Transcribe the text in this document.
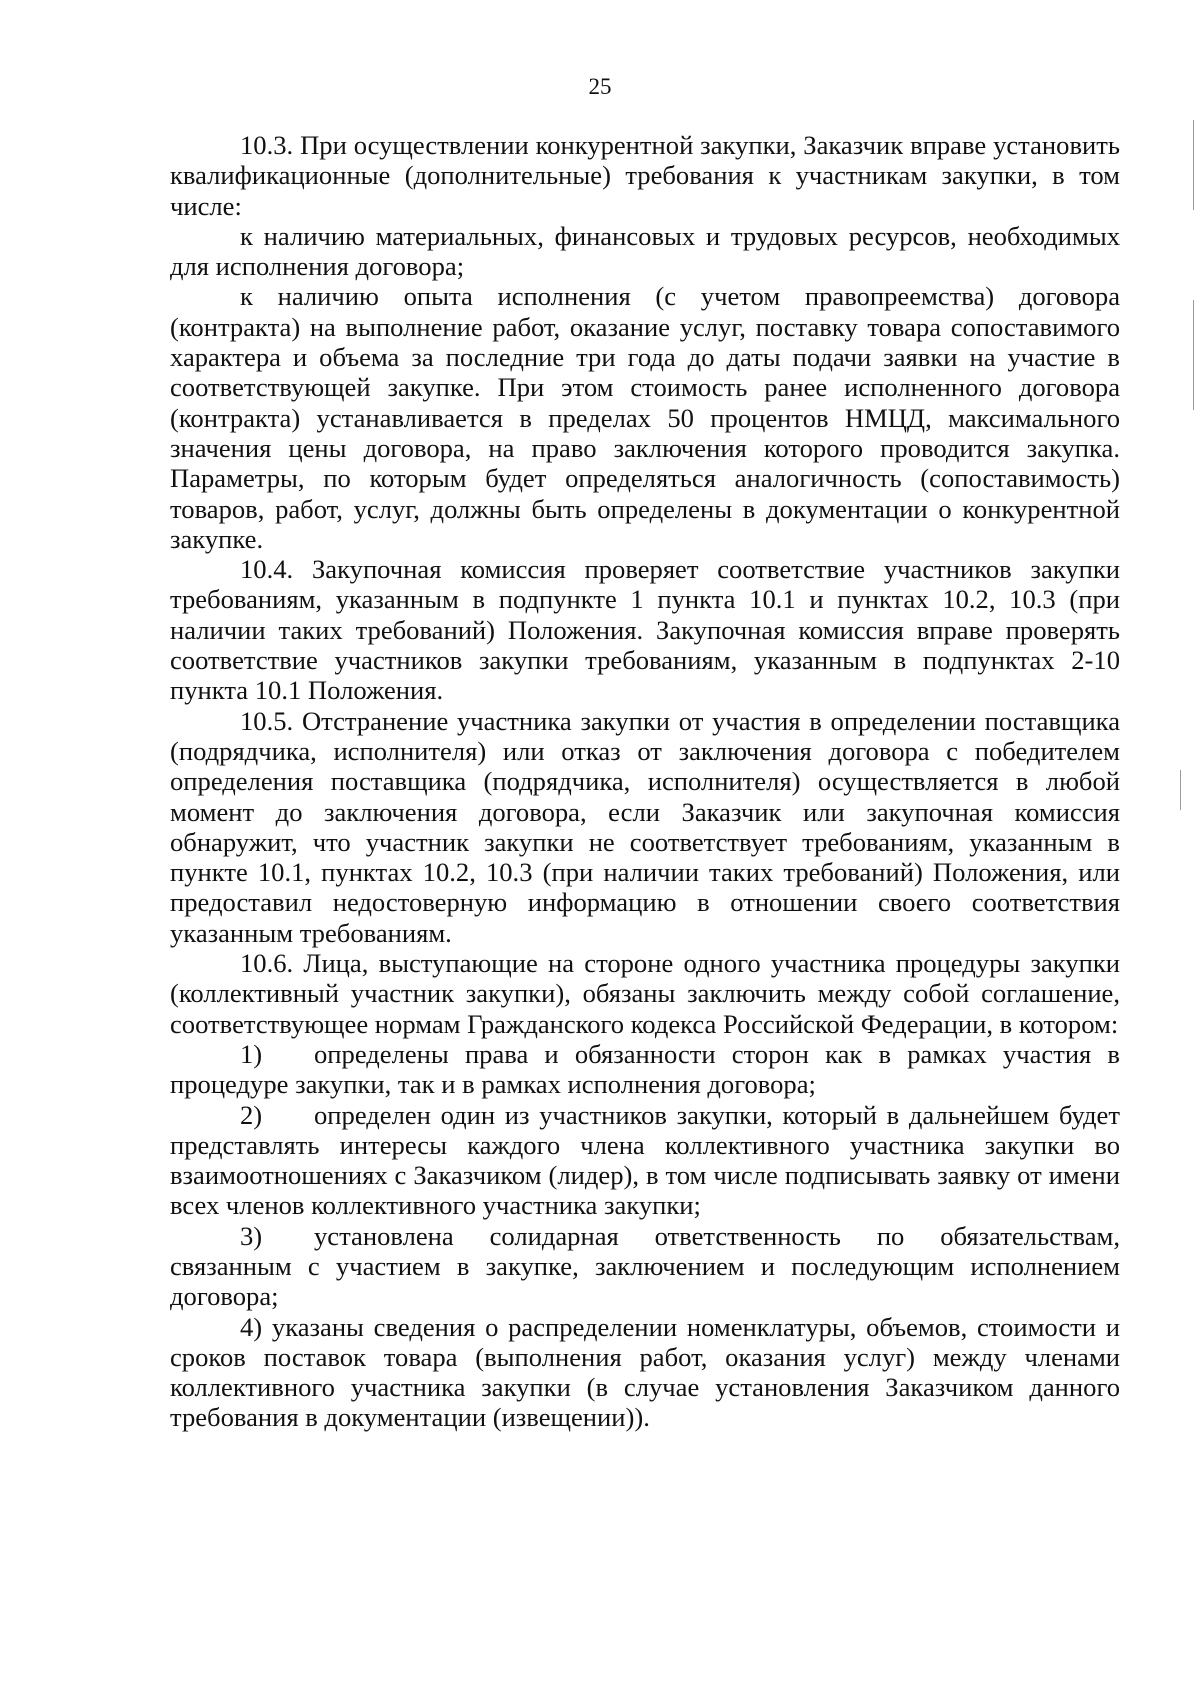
25

10.3. При осуществлении конкурентной закупки, Заказчик вправе установить квалификационные (дополнительные) требования к участникам закупки, в том числе:

к наличию материальных, финансовых и трудовых ресурсов, необходимых для исполнения договора;

к наличию опыта исполнения (с учетом правопреемства) договора (контракта) на выполнение работ, оказание услуг, поставку товара сопоставимого характера и объема за последние три года до даты подачи заявки на участие в соответствующей закупке. При этом стоимость ранее исполненного договора (контракта) устанавливается в пределах 50 процентов НМЦД, максимального значения цены договора, на право заключения которого проводится закупка. Параметры, по которым будет определяться аналогичность (сопоставимость) товаров, работ, услуг, должны быть определены в документации о конкурентной закупке.

10.4. Закупочная комиссия проверяет соответствие участников закупки требованиям, указанным в подпункте 1 пункта 10.1 и пунктах 10.2, 10.3 (при наличии таких требований) Положения. Закупочная комиссия вправе проверять соответствие участников закупки требованиям, указанным в подпунктах 2-10 пункта 10.1 Положения.

10.5. Отстранение участника закупки от участия в определении поставщика (подрядчика, исполнителя) или отказ от заключения договора с победителем определения поставщика (подрядчика, исполнителя) осуществляется в любой момент до заключения договора, если Заказчик или закупочная комиссия обнаружит, что участник закупки не соответствует требованиям, указанным в пункте 10.1, пунктах 10.2, 10.3 (при наличии таких требований) Положения, или предоставил недостоверную информацию в отношении своего соответствия указанным требованиям.

10.6. Лица, выступающие на стороне одного участника процедуры закупки (коллективный участник закупки), обязаны заключить между собой соглашение, соответствующее нормам Гражданского кодекса Российской Федерации, в котором:

1) определены права и обязанности сторон как в рамках участия в процедуре закупки, так и в рамках исполнения договора;

2) определен один из участников закупки, который в дальнейшем будет представлять интересы каждого члена коллективного участника закупки во взаимоотношениях с Заказчиком (лидер), в том числе подписывать заявку от имени всех членов коллективного участника закупки;

3) установлена солидарная ответственность по обязательствам, связанным с участием в закупке, заключением и последующим исполнением договора;

4) указаны сведения о распределении номенклатуры, объемов, стоимости и сроков поставок товара (выполнения работ, оказания услуг) между членами коллективного участника закупки (в случае установления Заказчиком данного требования в документации (извещении)).
